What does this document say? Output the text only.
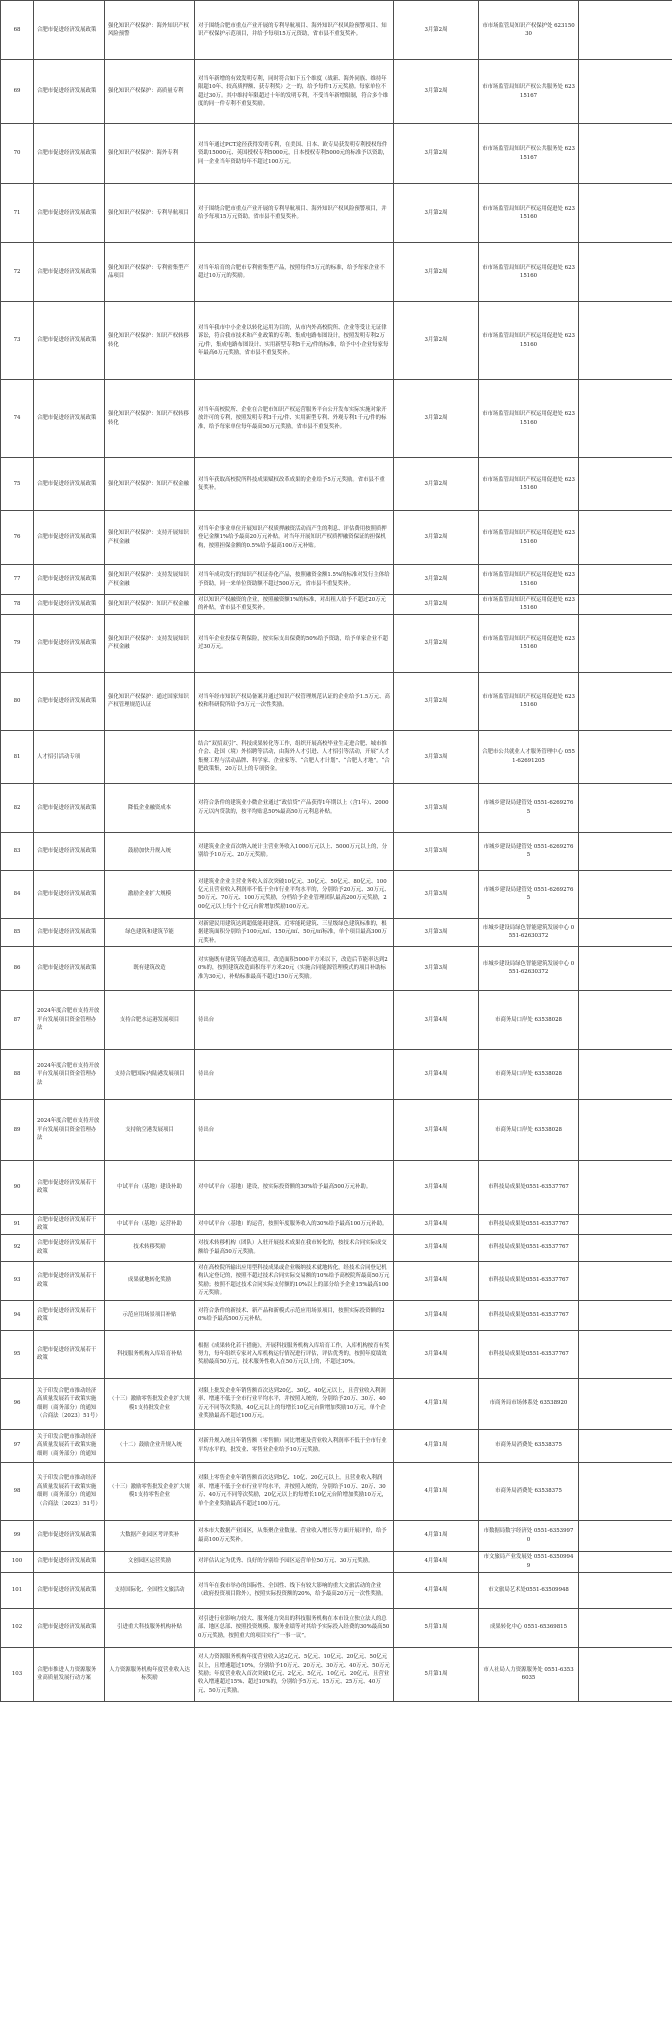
68	合肥市促进经济发展政策	强化知识产权保护：海外知识产权风险预警	对于围绕合肥市重点产业开展的专利导航项目、海外知识产权风险预警项目、知识产权保护示范项目，并给予每项15万元资助，省市县不重复奖补。	3月第2周	市市场监管局知识产权保护处 62315030	
69	合肥市促进经济发展政策	强化知识产权保护：高质量专利	对当年新增的有效发明专利，同时符合如下五个维度（战新、海外同族、维持年限超10年、较高质押额、获专利奖）之一的，给予每件1万元奖励。每家单位不超过30万。其中维持年限超过十年的发明专利，不受当年新增限制，符合多个维度的同一件专利不重复奖励。	3月第2周	市市场监管局知识产权公共服务处 62315167	
70	合肥市促进经济发展政策	强化知识产权保护：海外专利	对当年通过PCT途径获得发明专利，在美国、日本、欧专局获发明专利授权每件资助15000元、英国授权专利5000元，日本授权专利5000元的标准予以资助，同一企业当年资助每年不超过100万元。	3月第2周	市市场监管局知识产权公共服务处 62315167	
71	合肥市促进经济发展政策	强化知识产权保护：专利导航项目	对于围绕合肥市重点产业开展的专利导航项目、海外知识产权风险预警项目，并给予每项15万元资助。省市县不重复奖补。	3月第2周	市市场监管局知识产权运用促进处 62315160	
72	合肥市促进经济发展政策	强化知识产权保护：专利密集型产品项目	对当年培育的合肥市专利密集型产品，按照每件5万元的标准，给予每家企业不超过10万元的奖励。	3月第2周	市市场监管局知识产权运用促进处 62315160	
73	合肥市促进经济发展政策	强化知识产权保护：知识产权转移转化	对当年我市中小企业以转化运用为目的，从市内外高校院所、企业等受让无证律诉讼，符合我市技术和产业政策的专利、集成电路布图设计，按照发明专利2万元/件，集成电路布图设计、实用新型专利5千元/件的标准，给予中小企业每家每年最高6万元奖励，省市县不重复奖补。	3月第2周	市市场监管局知识产权运用促进处 62315160	
74	合肥市促进经济发展政策	强化知识产权保护：知识产权转移转化	对当年高校院所、企业在合肥市知识产权运营服务平台公开发布实际实施对象开放许可的专利，按照发明专利3千元/件、实用新型专利、外观专利1千元/件的标准，给予每家单位每年最高50万元奖励，省市县不重复奖补。	3月第2周	市市场监管局知识产权运用促进处 62315160	
75	合肥市促进经济发展政策	强化知识产权保护：知识产权金融	对当年获取高校院所科技成果赋权改革成果的企业给予5万元奖励。省市县不重复奖补。	3月第2周	市市场监管局知识产权运用促进处 62315160	
76	合肥市促进经济发展政策	强化知识产权保护：支持开展知识产权金融	对当年企事业单位开展知识产权质押融资活动而产生的利息、评估费用按照质押登记金额1%给予最高20万元补贴。对当年开展知识产权质押融资保证的担保机构，按照担保金额的0.5%给予最高100万元补贴。	3月第2周	市市场监管局知识产权运用促进处 62315160	
77	合肥市促进经济发展政策	强化知识产权保护：支持发展知识产权金融	对当年成功发行的知识产权证券化产品，按照融资金额1.5%的标准对发行主体给予资助，同一来单位资助额不超过500万元，省市县不重复奖补。	3月第2周	市市场监管局知识产权运用促进处 62315160	
78	合肥市促进经济发展政策	强化知识产权保护：知识产权金融	对以知识产权融资的企业，按照融资额1%的标准，对出租人给予不超过20万元的补贴，省市县不重复奖补。	3月第2周	市市场监管局知识产权运用促进处 62315160	
79	合肥市促进经济发展政策	强化知识产权保护：支持发展知识产权金融	对当年企业投保专利保险，按实际支出保费的50%给予资助，给予单家企业不超过30万元。	3月第2周	市市场监管局知识产权运用促进处 62315160	
80	合肥市促进经济发展政策	强化知识产权保护：通过国家知识产权管理规范认证	对当年经市知识产权局备案并通过知识产权管理规范认证的企业给予1.5万元、高校和科研院所给予5万元一次性奖励。	3月第2周	市市场监管局知识产权运用促进处 62315160	
81	人才招引活动专项		结合“双招双引”、科技成果转化等工作，组织开展高校毕业生走进合肥、城市推介会、赴国（境）外招聘等活动，由海外人才引进、人才招引等活动，开展“人才集聚工程与活动品牌、科学家、企业家等、“合肥人才计划”、“合肥人才地”。“合肥政策集，20万以上的专项资金。	3月第3周	合肥市公共就业人才服务管理中心 0551-62691205	
82	合肥市促进经济发展政策	降低企业融资成本	对符合条件的建筑业小微企业通过“政信贷”产品获得1年期以上（含1年）、2000万元以内贷款的，按平均贴息50%最高50万元利息补贴。	3月第3周	市城乡建设局建管处 0551-62692765	
83	合肥市促进经济发展政策	鼓励加快升规入统	对建筑业企业首次纳入统计主营业务收入1000万元以上、5000万元以上的，分别给予10万元、20万元奖励。	3月第3周	市城乡建设局建管处 0551-62692765	
84	合肥市促进经济发展政策	激励企业扩大规模	对建筑业企业主营业务收入首次突破10亿元、30亿元、50亿元、80亿元、100亿元且营业收入利润率不低于全市行业平均水平的，分别给予20万元、30万元、50万元、70万元、100万元奖励，分档给予企业管理团队最高200万元奖励，200亿元以上每个十亿元台阶增加奖励100万元。	3月第3周	市城乡建设局建管处 0551-62692765	
85	合肥市促进经济发展政策	绿色建筑和建筑节能	对新建民用建筑达到超低能耗建筑、近零能耗建筑、三星级绿色建筑标准的，根据建筑面积分别给予100元/㎡、150元/㎡、50元/㎡标准，单个项目最高300万元奖补。	3月第3周	市城乡建设局绿色智能建筑发展中心 0551-62630372	
86	合肥市促进经济发展政策	既有建筑改造	对实施既有建筑节能改造项目，改造面积5000平方米以下，改造后节能率达到20%的，按照建筑改造面积每平方米20元（实施合同能源管理模式的项目补助标准为30元），补贴标准最高不超过150万元奖励。	3月第3周	市城乡建设局绿色智能建筑发展中心 0551-62630372	
87	2024年度合肥市支持开放平台发展项目资金管理办法	支持合肥水运港发展项目	待出台	3月第4周	市商务局口岸处 63538028	
88	2024年度合肥市支持开放平台发展项目资金管理办法	支持合肥国际内陆港发展项目	待出台	3月第4周	市商务局口岸处 63538028	
89	2024年度合肥市支持开放平台发展项目资金管理办法	支持航空港发展项目	待出台	3月第4周	市商务局口岸处 63538028	
90	合肥市促进经济发展若干政策	中试平台（基地）建设补助	对中试平台（基地）建设，按实际投资额的30%给予最高500万元补助。	3月第4周	市科技局成果处0551-63537767	
91	合肥市促进经济发展若干政策	中试平台（基地）运营补助	对中试平台（基地）的运营，按照年度服务收入的30%给予最高100万元补助。	3月第4周	市科技局成果处0551-63537767	
92	合肥市促进经济发展若干政策	技术转移奖励	对技术转移机构（团队）入驻开展技术成果在我市转化的，按技术合同实际成交额给予最高50万元奖励。	3月第4周	市科技局成果处0551-63537767	
93	合肥市促进经济发展若干政策	成果就地转化奖励	对在高校院所输出应用型科技成果或企业吸纳技术就地转化，经技术合同登记机构认定登记的，按照不超过技术合同实际交易额的10%给予高校院所最高50万元奖励；按照不超过技术合同实际支付额的10%以上的部分给予企业15%最高100万元奖励。	3月第4周	市科技局成果处0551-63537767	
94	合肥市促进经济发展若干政策	示范应用场景项目补贴	对符合条件的新技术、新产品和新模式示范应用场景项目，按照实际投资额的20%给予最高500万元补贴。	3月第4周	市科技局成果处0551-63537767	
95	合肥市促进经济发展若干政策	科技服务机构入库培育补贴	根据《成果转化若干措施》，开展科技服务机构入库培育工作，入库机构按育有奖努力，每年组织专家对入库机构运行情况进行评估，评估优秀的，按照年度绩效奖励最高50万元，技术服务性收入在50万元以上的，不超过30%。	3月第4周	市科技局成果处0551-63537767	
96	关于印发合肥市推动经济高质量发展若干政策实施细则（商务部分）的通知（合商法〔2023〕51号）	（十三）激励零售批发企业扩大规模1支持批发企业	对限上批发企业年销售额首次达到20亿、30亿、40亿元以上，且营业收入利润率、增速不低于全市行业平均水平，并按照入统的，分别给予20万、30万、40万元不同等次奖励，40亿元以上的每增长10亿元台阶增加奖励10万元，单个企业奖励最高不超过100万元。	4月第1周	市商务局市场体系处 63538920	
97	关于印发合肥市推动经济高质量发展若干政策实施细则（商务部分）的通知	（十二）鼓励企业升规入统	对新升规入统且年销售额（零售额）同比增速及营业收入利润率不低于全市行业平均水平的，批发业、零售业企业给予10万元奖励。	4月第1周	市商务局消费处 63538375	
98	关于印发合肥市推动经济高质量发展若干政策实施细则（商务部分）的通知（合商法〔2023〕51号）	（十三）激励零售批发企业扩大规模1支持零售企业	对限上零售企业年销售额首次达到5亿、10亿、20亿元以上，且营业收入利润率、增速不低于全市行业平均水平，并按照入统的，分别给予10万、20万、30万、40万元不同等次奖励，20亿元以上的每增长10亿元台阶增加奖励10万元，单个企业奖励最高不超过100万元。	4月第1周	市商务局消费处 63538375	
99	合肥市促进经济发展政策	大数据产业园区考评奖补	对本市大数据产业园区，从集聚企业数量、营业收入增长等方面开展评价，给予最高100万元奖补。	4月第1周	市数据局数字经济处 0551-63539970	
100	合肥市促进经济发展政策	文创园区运营奖励	对评估认定为优秀、良好的分别给予园区运营单位50万元、30万元奖励。	4月第4周	市文旅局产业发展处 0551-63509949	
101	合肥市促进经济发展政策	支持国际化、全国性文旅活动	对当年在我市举办的国际性、全国性、线下有较大影响的重大文旅活动的企业（政府投资项目除外），按照实际投资额的20%，给予最高20万元一次性奖励。	4月第4周	市文旅局艺术处0551-63509948	
102	合肥市促进经济发展政策	引进重大科技服务机构补贴	对引进行业影响力较大、服务能力突出的科技服务机构在本市设立独立法人的总部、地区总部、按照投资规模、服务业绩等对其给予实际投入经费的30%最高500万元奖励，按照重大的项目实行“一事一议”。	5月第1周	成果转化中心 0551-65369815	
103	合肥市推进人力资源服务业高质量发展行动方案	人力资源服务机构年度营业收入达标奖励	对人力资源服务机构年度营业收入达2亿元、5亿元、10亿元、20亿元、50亿元以上，且增速超过10%，分别给予10万元、20万元、30万元、40万元、50万元奖励；年度营业收入首次突破1亿元、2亿元、5亿元、10亿元、20亿元，且营业收入增速超过15%、超过10%的，分别给予5万元、15万元、25万元、40万元、50万元奖励。	5月第1周	市人社局人力资源服务处 0551-63536035	
